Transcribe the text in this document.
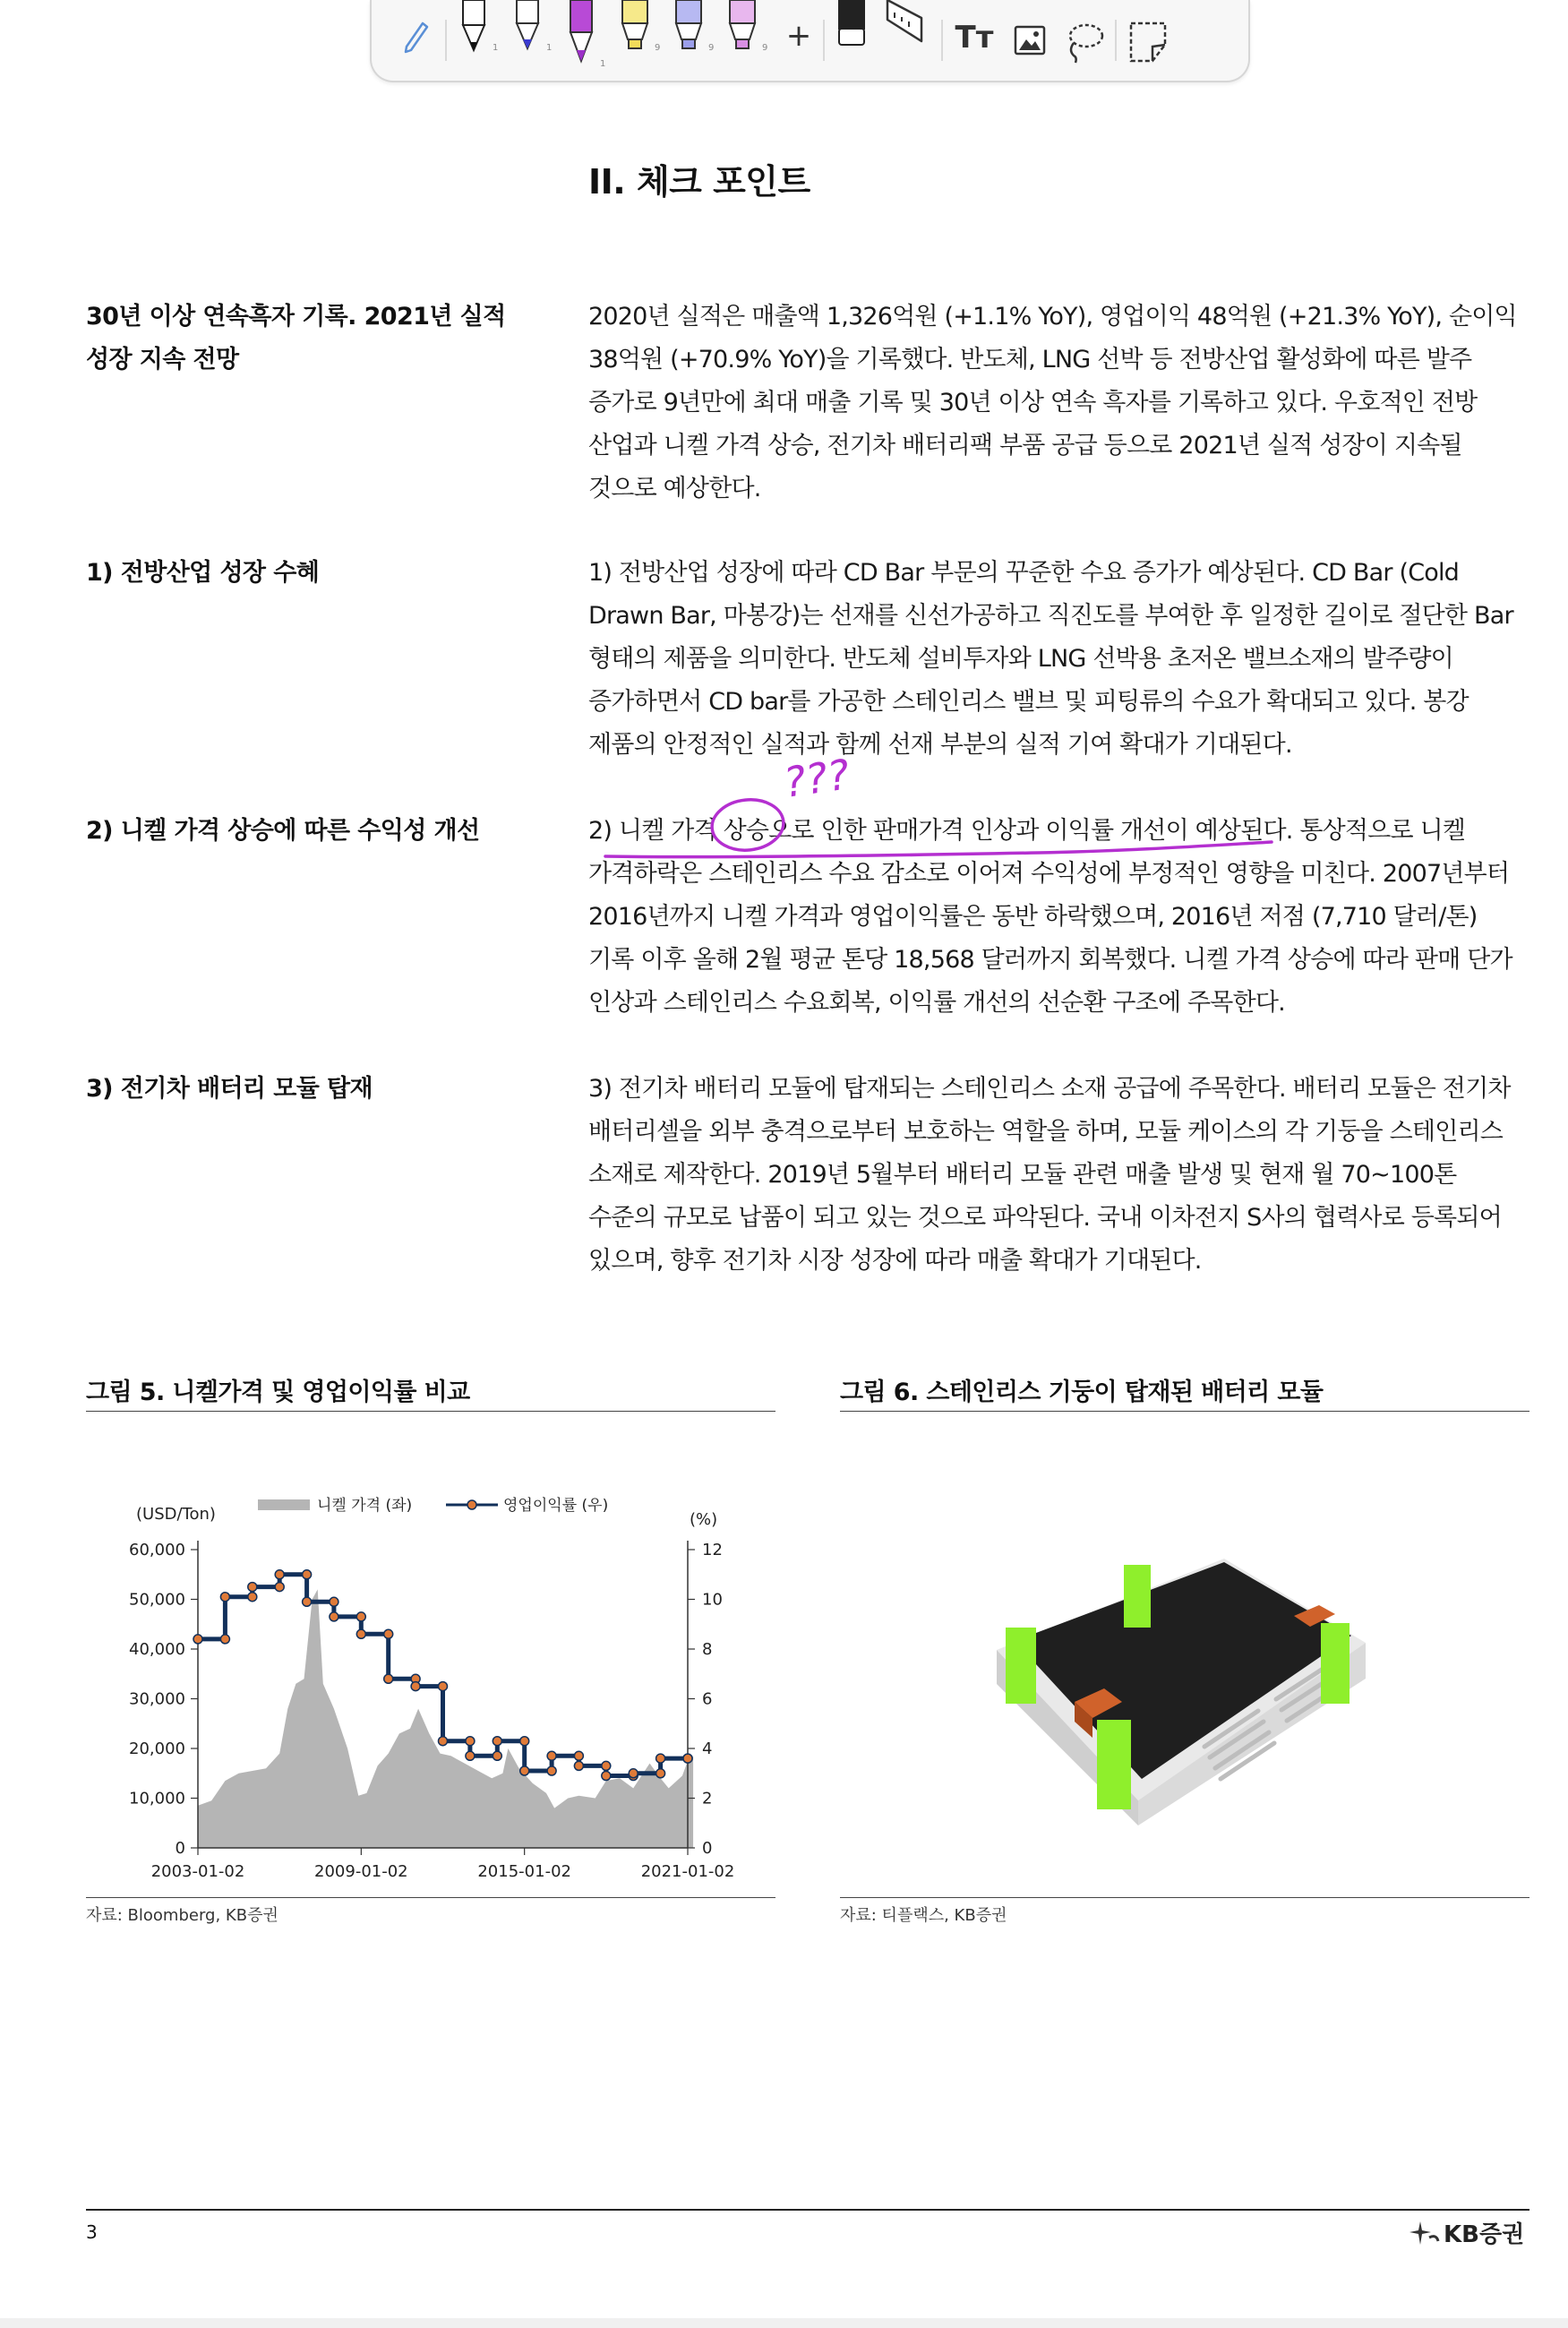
1	1
1
9	9	9 +	Tт
II. 체크 포인트
30년 이상 연속흑자 기록. 2021년 실적
성장 지속 전망
2020년 실적은 매출액 1,326억원 (+1.1% YoY), 영업이익 48억원 (+21.3% YoY), 순이익
38억원 (+70.9% YoY)을 기록했다. 반도체, LNG 선박 등 전방산업 활성화에 따른 발주
증가로 9년만에 최대 매출 기록 및 30년 이상 연속 흑자를 기록하고 있다. 우호적인 전방
산업과 니켈 가격 상승, 전기차 배터리팩 부품 공급 등으로 2021년 실적 성장이 지속될
것으로 예상한다.
1) 전방산업 성장 수혜	1) 전방산업 성장에 따라 CD Bar 부문의 꾸준한 수요 증가가 예상된다. CD Bar (Cold
Drawn Bar, 마봉강)는 선재를 신선가공하고 직진도를 부여한 후 일정한 길이로 절단한 Bar
형태의 제품을 의미한다. 반도체 설비투자와 LNG 선박용 초저온 밸브소재의 발주량이
증가하면서 CD bar를 가공한 스테인리스 밸브 및 피팅류의 수요가 확대되고 있다. 봉강
제품의 안정적인 실적과 함께 선재 부분의 실적 기여 확대가 기대된다.
2) 니켈 가격 상승에 따른 수익성 개선	2) 니켈 가격 상승으로 인한 판매가격 인상과 이익률 개선이 예상된다. 통상적으로 니켈
가격하락은 스테인리스 수요 감소로 이어져 수익성에 부정적인 영향을 미친다. 2007년부터
2016년까지 니켈 가격과 영업이익률은 동반 하락했으며, 2016년 저점 (7,710 달러/톤)
기록 이후 올해 2월 평균 톤당 18,568 달러까지 회복했다. 니켈 가격 상승에 따라 판매 단가
인상과 스테인리스 수요회복, 이익률 개선의 선순환 구조에 주목한다.
3) 전기차 배터리 모듈 탑재	3) 전기차 배터리 모듈에 탑재되는 스테인리스 소재 공급에 주목한다. 배터리 모듈은 전기차
배터리셀을 외부 충격으로부터 보호하는 역할을 하며, 모듈 케이스의 각 기둥을 스테인리스
소재로 제작한다. 2019년 5월부터 배터리 모듈 관련 매출 발생 및 현재 월 70~100톤
수준의 규모로 납품이 되고 있는 것으로 파악된다. 국내 이차전지 S사의 협력사로 등록되어
있으며, 향후 전기차 시장 성장에 따라 매출 확대가 기대된다.
???
그림 5. 니켈가격 및 영업이익률 비교	그림 6. 스테인리스 기둥이 탑재된 배터리 모듈
60,000
50,000
40,000
30,000
20,000
10,000
0
12
10
8
6
4
2
0
2003-01-02	2009-01-02	2015-01-02	2021-01-02
(USD/Ton)	(%)
니켈 가격 (좌)	영업이익률 (우)
자료: Bloomberg, KB증권	자료: 티플랙스, KB증권
3	KB증권
